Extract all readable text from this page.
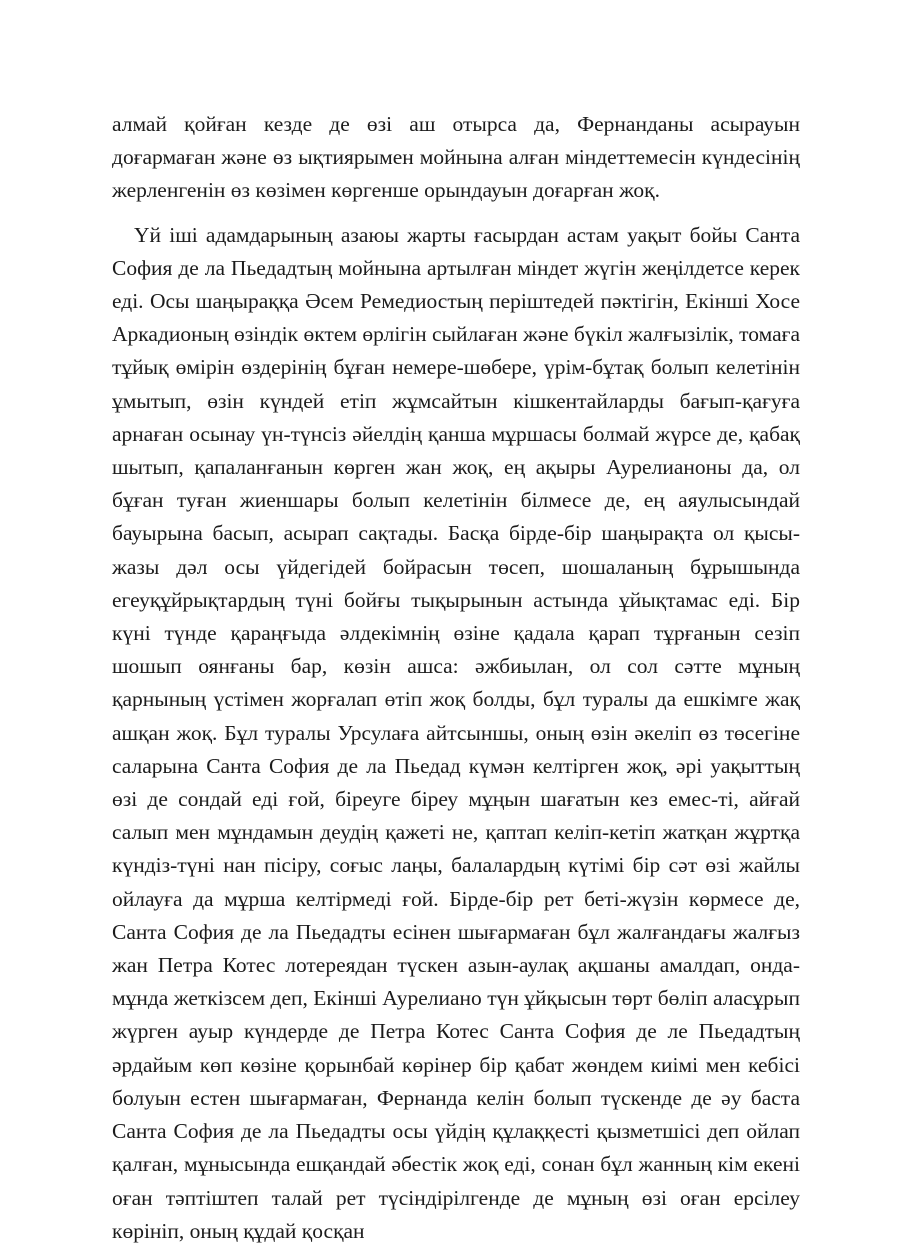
алмай қойған кезде де өзі аш отырса да, Фернанданы асырауын доғармаған және өз ықтиярымен мойнына алған міндеттемесін күндесінің жерленгенін өз көзімен көргенше орындауын доғарған жоқ.

Үй іші адамдарының азаюы жарты ғасырдан астам уақыт бойы Санта София де ла Пьедадтың мойнына артылған міндет жүгін жеңілдетсе керек еді. Осы шаңыраққа Әсем Ремедиостың періштедей пәктігін, Екінші Хосе Аркадионың өзіндік өктем өрлігін сыйлаған және бүкіл жалғызілік, томаға тұйық өмірін өздерінің бұған немере-шөбере, үрім-бұтақ болып келетінін ұмытып, өзін күндей етіп жұмсайтын кішкентайларды бағып-қағуға арнаған осынау үн-түнсіз әйелдің қанша мұршасы болмай жүрсе де, қабақ шытып, қапаланғанын көрген жан жоқ, ең ақыры Аурелианоны да, ол бұған туған жиеншары болып келетінін білмесе де, ең аяулысындай бауырына басып, асырап сақтады. Басқа бірде-бір шаңырақта ол қысы-жазы дәл осы үйдегідей бойрасын төсеп, шошаланың бұрышында егеуқұйрықтардың түні бойғы тықырынын астында ұйықтамас еді. Бір күні түнде қараңғыда әлдекімнің өзіне қадала қарап тұрғанын сезіп шошып оянғаны бар, көзін ашса: әжбиылан, ол сол сәтте мұның қарнының үстімен жорғалап өтіп жоқ болды, бұл туралы да ешкімге жақ ашқан жоқ. Бұл туралы Урсулаға айтсыншы, оның өзін әкеліп өз төсегіне саларына Санта София де ла Пьедад күмән келтірген жоқ, әрі уақыттың өзі де сондай еді ғой, біреуге біреу мұңын шағатын кез емес-ті, айғай салып мен мұндамын деудің қажеті не, қаптап келіп-кетіп жатқан жұртқа күндіз-түні нан пісіру, соғыс лаңы, балалардың күтімі бір сәт өзі жайлы ойлауға да мұрша келтірмеді ғой. Бірде-бір рет беті-жүзін көрмесе де, Санта София де ла Пьедадты есінен шығармаған бұл жалғандағы жалғыз жан Петра Котес лотереядан түскен азын-аулақ ақшаны амалдап, онда-мұнда жеткізсем деп, Екінші Аурелиано түн ұйқысын төрт бөліп аласұрып жүрген ауыр күндерде де Петра Котес Санта София де ле Пьедадтың әрдайым көп көзіне қорынбай көрінер бір қабат жөндем киімі мен кебісі болуын естен шығармаған, Фернанда келін болып түскенде де әу баста Санта София де ла Пьедадты осы үйдің құлаққесті қызметшісі деп ойлап қалған, мұнысында ешқандай әбестік жоқ еді, сонан бұл жанның кім екені оған тәптіштеп талай рет түсіндірілгенде де мұның өзі оған ерсілеу көрініп, оның құдай қосқан
